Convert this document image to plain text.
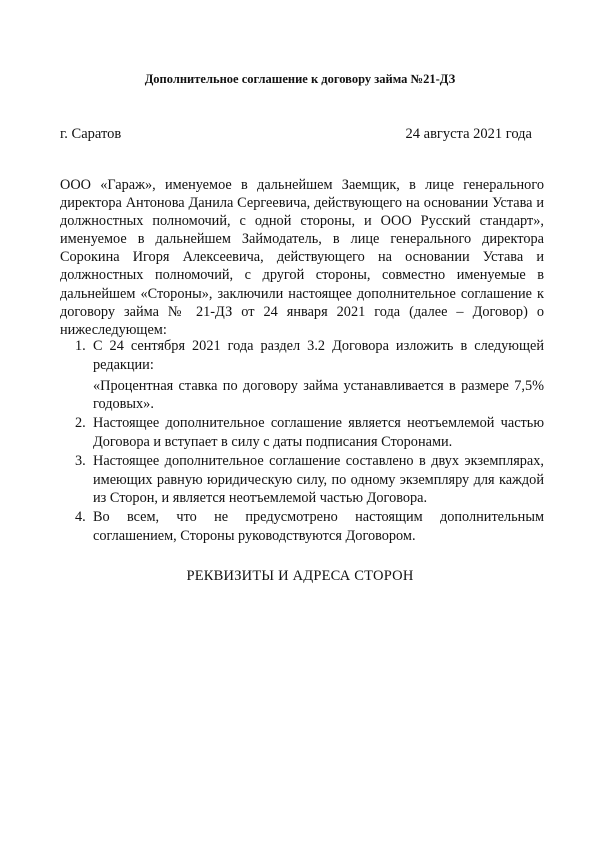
Дополнительное соглашение к договору займа №21-ДЗ
г. Саратов	24 августа 2021 года

ООО «Гараж», именуемое в дальнейшем Заемщик, в лице генерального директора Антонова Данила Сергеевича, действующего на основании Устава и должностных полномочий, с одной стороны, и ООО Русский стандарт», именуемое в дальнейшем Займодатель, в лице генерального директора Сорокина Игоря Алексеевича, действующего на основании Устава и должностных полномочий, с другой стороны, совместно именуемые в дальнейшем «Стороны», заключили настоящее дополнительное соглашение к договору займа № 21-ДЗ от 24 января 2021 года (далее – Договор) о нижеследующем:

1. С 24 сентября 2021 года раздел 3.2 Договора изложить в следующей редакции:
«Процентная ставка по договору займа устанавливается в размере 7,5% годовых».
2. Настоящее дополнительное соглашение является неотъемлемой частью Договора и вступает в силу с даты подписания Сторонами.
3. Настоящее дополнительное соглашение составлено в двух экземплярах, имеющих равную юридическую силу, по одному экземпляру для каждой из Сторон, и является неотъемлемой частью Договора.
4. Во всем, что не предусмотрено настоящим дополнительным соглашением, Стороны руководствуются Договором.
РЕКВИЗИТЫ И АДРЕСА СТОРОН
